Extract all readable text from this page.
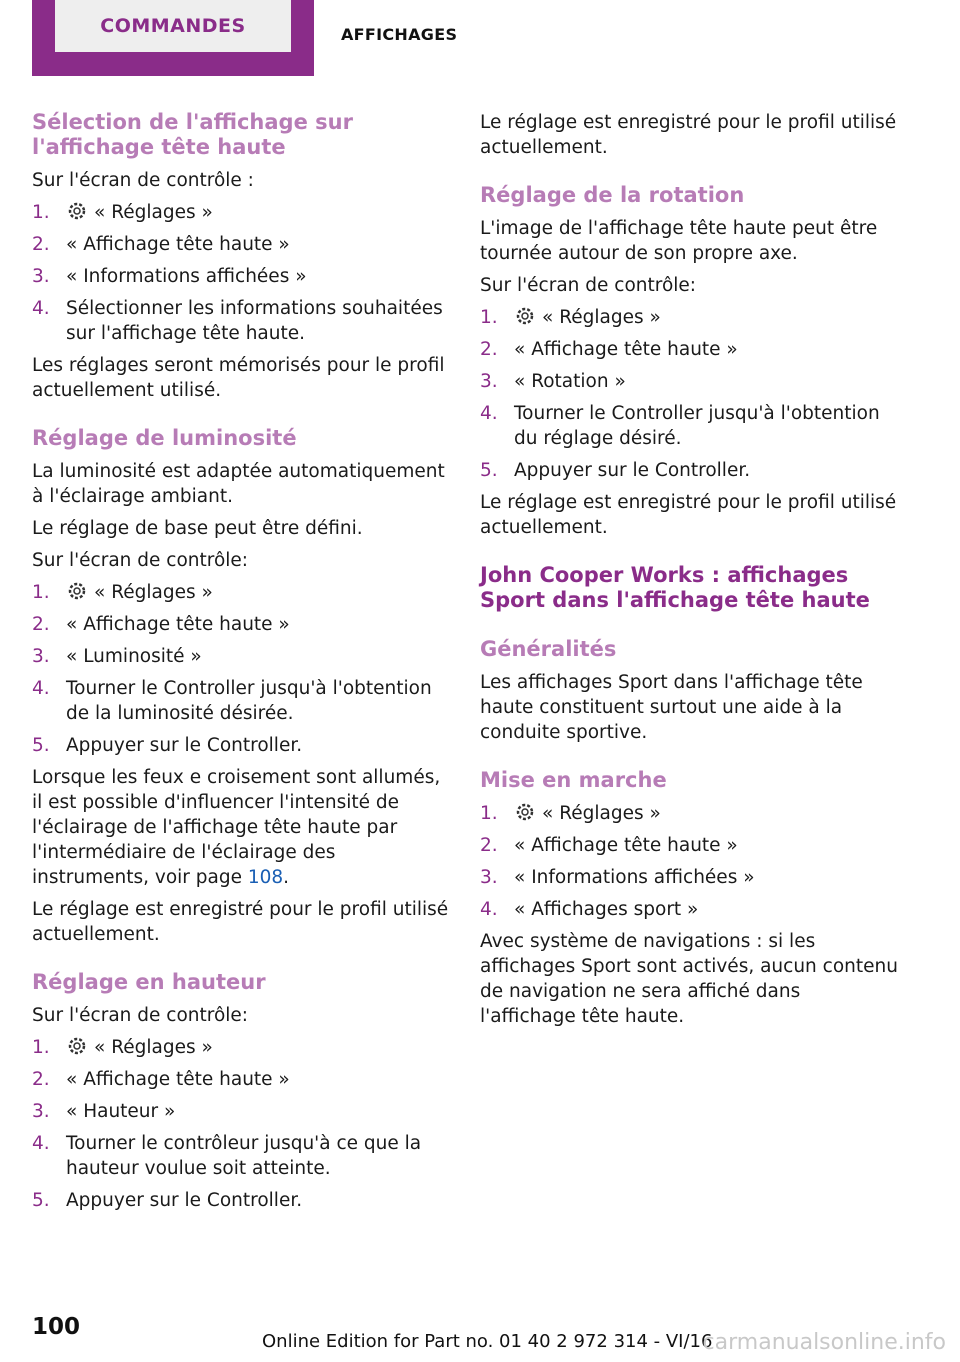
COMMANDES	AFFICHAGES
Sélection de l'affichage sur l'affichage tête haute

Sur l'écran de contrôle :

1. « Réglages »
2. « Affichage tête haute »
3. « Informations affichées »
4. Sélectionner les informations souhaitées sur l'affichage tête haute.

Les réglages seront mémorisés pour le profil actuellement utilisé.

Réglage de luminosité

La luminosité est adaptée automatiquement à l'éclairage ambiant.

Le réglage de base peut être défini.

Sur l'écran de contrôle:

1. « Réglages »
2. « Affichage tête haute »
3. « Luminosité »
4. Tourner le Controller jusqu'à l'obtention de la luminosité désirée.
5. Appuyer sur le Controller.

Lorsque les feux e croisement sont allumés, il est possible d'influencer l'intensité de l'éclairage de l'affichage tête haute par l'intermédiaire de l'éclairage des instruments, voir page 108.

Le réglage est enregistré pour le profil utilisé actuellement.

Réglage en hauteur

Sur l'écran de contrôle:

1. « Réglages »
2. « Affichage tête haute »
3. « Hauteur »
4. Tourner le contrôleur jusqu'à ce que la hauteur voulue soit atteinte.
5. Appuyer sur le Controller.

Le réglage est enregistré pour le profil utilisé actuellement.

Réglage de la rotation

L'image de l'affichage tête haute peut être tournée autour de son propre axe.

Sur l'écran de contrôle:

1. « Réglages »
2. « Affichage tête haute »
3. « Rotation »
4. Tourner le Controller jusqu'à l'obtention du réglage désiré.
5. Appuyer sur le Controller.

Le réglage est enregistré pour le profil utilisé actuellement.

John Cooper Works : affichages Sport dans l'affichage tête haute
Généralités

Les affichages Sport dans l'affichage tête haute constituent surtout une aide à la conduite sportive.

Mise en marche
1. « Réglages »
2. « Affichage tête haute »
3. « Informations affichées »
4. « Affichages sport »

Avec système de navigations : si les affichages Sport sont activés, aucun contenu de navigation ne sera affiché dans l'affichage tête haute.

100
Online Edition for Part no. 01 40 2 972 314 - VI/16
carmanualsonline.info
